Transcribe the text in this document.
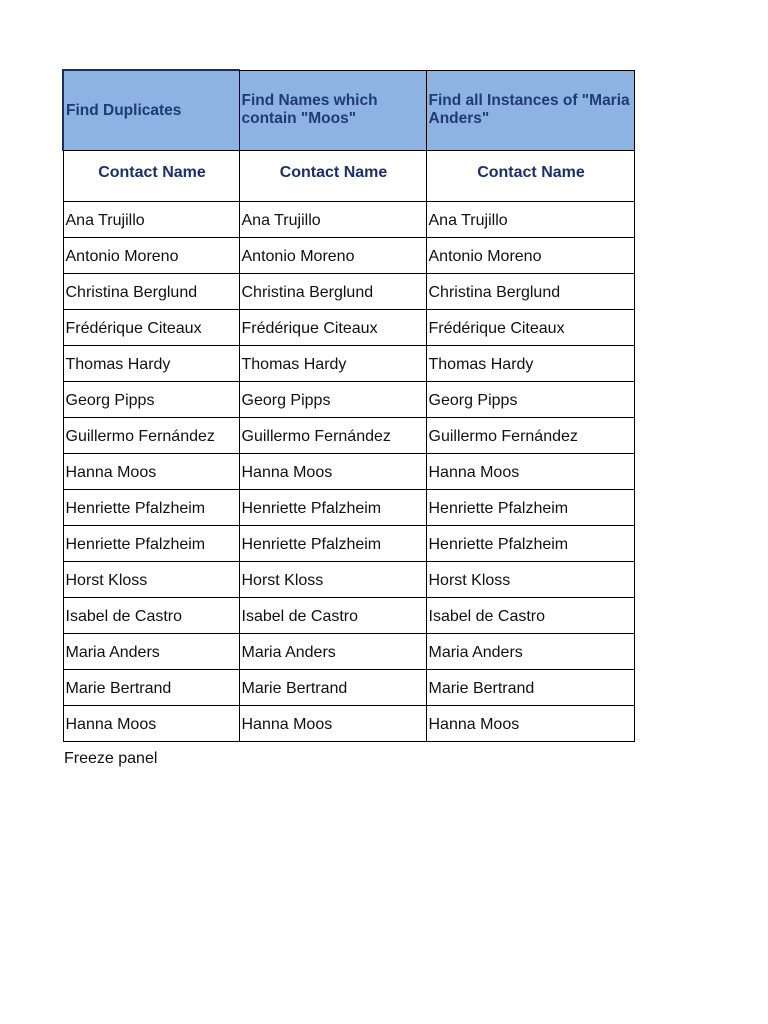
Find Duplicates	Find Names which contain "Moos"	Find all Instances of "Maria Anders"
Contact Name	Contact Name	Contact Name
Ana Trujillo	Ana Trujillo	Ana Trujillo
Antonio Moreno	Antonio Moreno	Antonio Moreno
Christina Berglund	Christina Berglund	Christina Berglund
Frédérique Citeaux	Frédérique Citeaux	Frédérique Citeaux
Thomas Hardy	Thomas Hardy	Thomas Hardy
Georg Pipps	Georg Pipps	Georg Pipps
Guillermo Fernández	Guillermo Fernández	Guillermo Fernández
Hanna Moos	Hanna Moos	Hanna Moos
Henriette Pfalzheim	Henriette Pfalzheim	Henriette Pfalzheim
Henriette Pfalzheim	Henriette Pfalzheim	Henriette Pfalzheim
Horst Kloss	Horst Kloss	Horst Kloss
Isabel de Castro	Isabel de Castro	Isabel de Castro
Maria Anders	Maria Anders	Maria Anders
Marie Bertrand	Marie Bertrand	Marie Bertrand
Hanna Moos	Hanna Moos	Hanna Moos
Freeze panel
